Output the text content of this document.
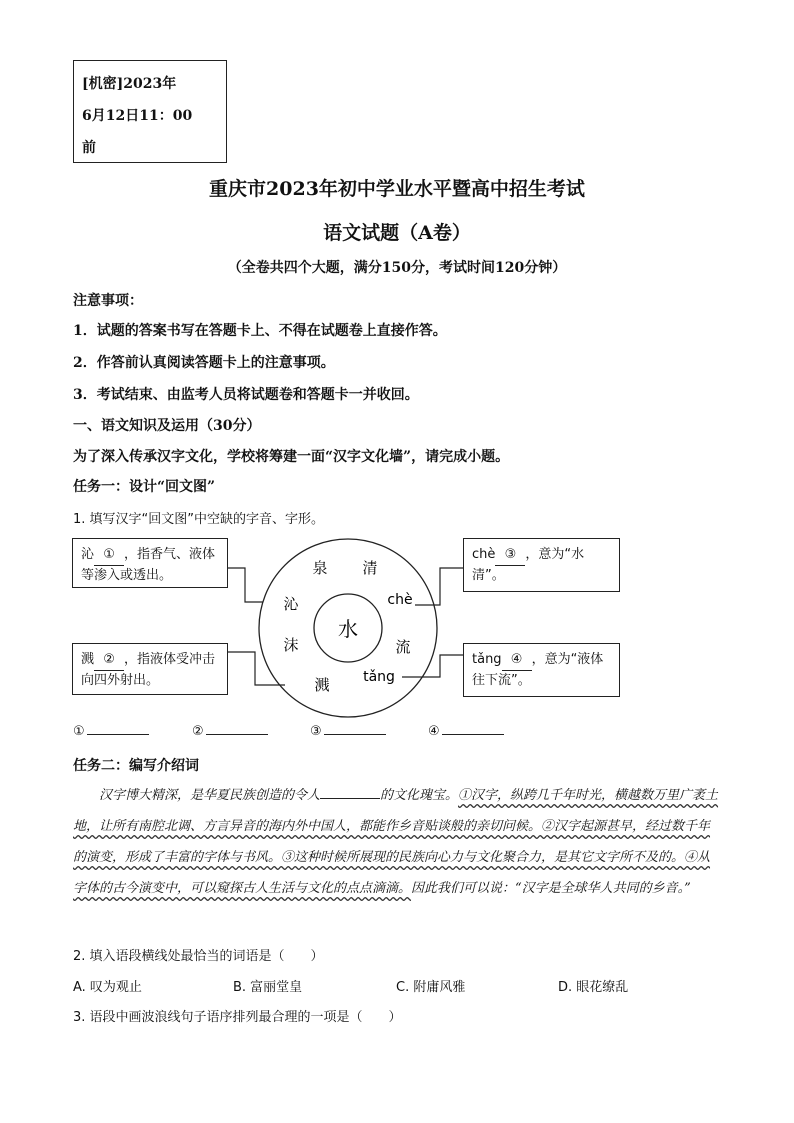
[机密]2023年
6月12日11：00
前
重庆市2023年初中学业水平暨高中招生考试
语文试题（A卷）
（全卷共四个大题，满分150分，考试时间120分钟）
注意事项：
1．试题的答案书写在答题卡上、不得在试题卷上直接作答。
2．作答前认真阅读答题卡上的注意事项。
3．考试结束、由监考人员将试题卷和答题卡一并收回。
一、语文知识及运用（30分）
为了深入传承汉字文化，学校将筹建一面“汉字文化墙”，请完成小题。
任务一：设计“回文图”
1. 填写汉字“回文图”中空缺的字音、字形。
水
泉 清
chè
流
tǎng
溅
沫
沁
沁 ① ，指香气、液体等渗入或透出。
溅 ② ，指液体受冲击向四外射出。
chè ③ ，意为“水清”。
tǎng ④ ，意为“液体往下流”。
①	②	③	④
任务二：编写介绍词
汉字博大精深，是华夏民族创造的令人	的文化瑰宝。①汉字，纵跨几千年时光，横越数万里广袤土地，让所有南腔北调、方言异音的海内外中国人，都能作乡音贴谈般的亲切问候。②汉字起源甚早，经过数千年的演变，形成了丰富的字体与书风。③这种时候所展现的民族向心力与文化聚合力，是其它文字所不及的。④从字体的古今演变中，可以窥探古人生活与文化的点点滴滴。因此我们可以说：“汉字是全球华人共同的乡音。”
2. 填入语段横线处最恰当的词语是（　　）
A. 叹为观止	B. 富丽堂皇	C. 附庸风雅	D. 眼花缭乱
3. 语段中画波浪线句子语序排列最合理的一项是（　　）
